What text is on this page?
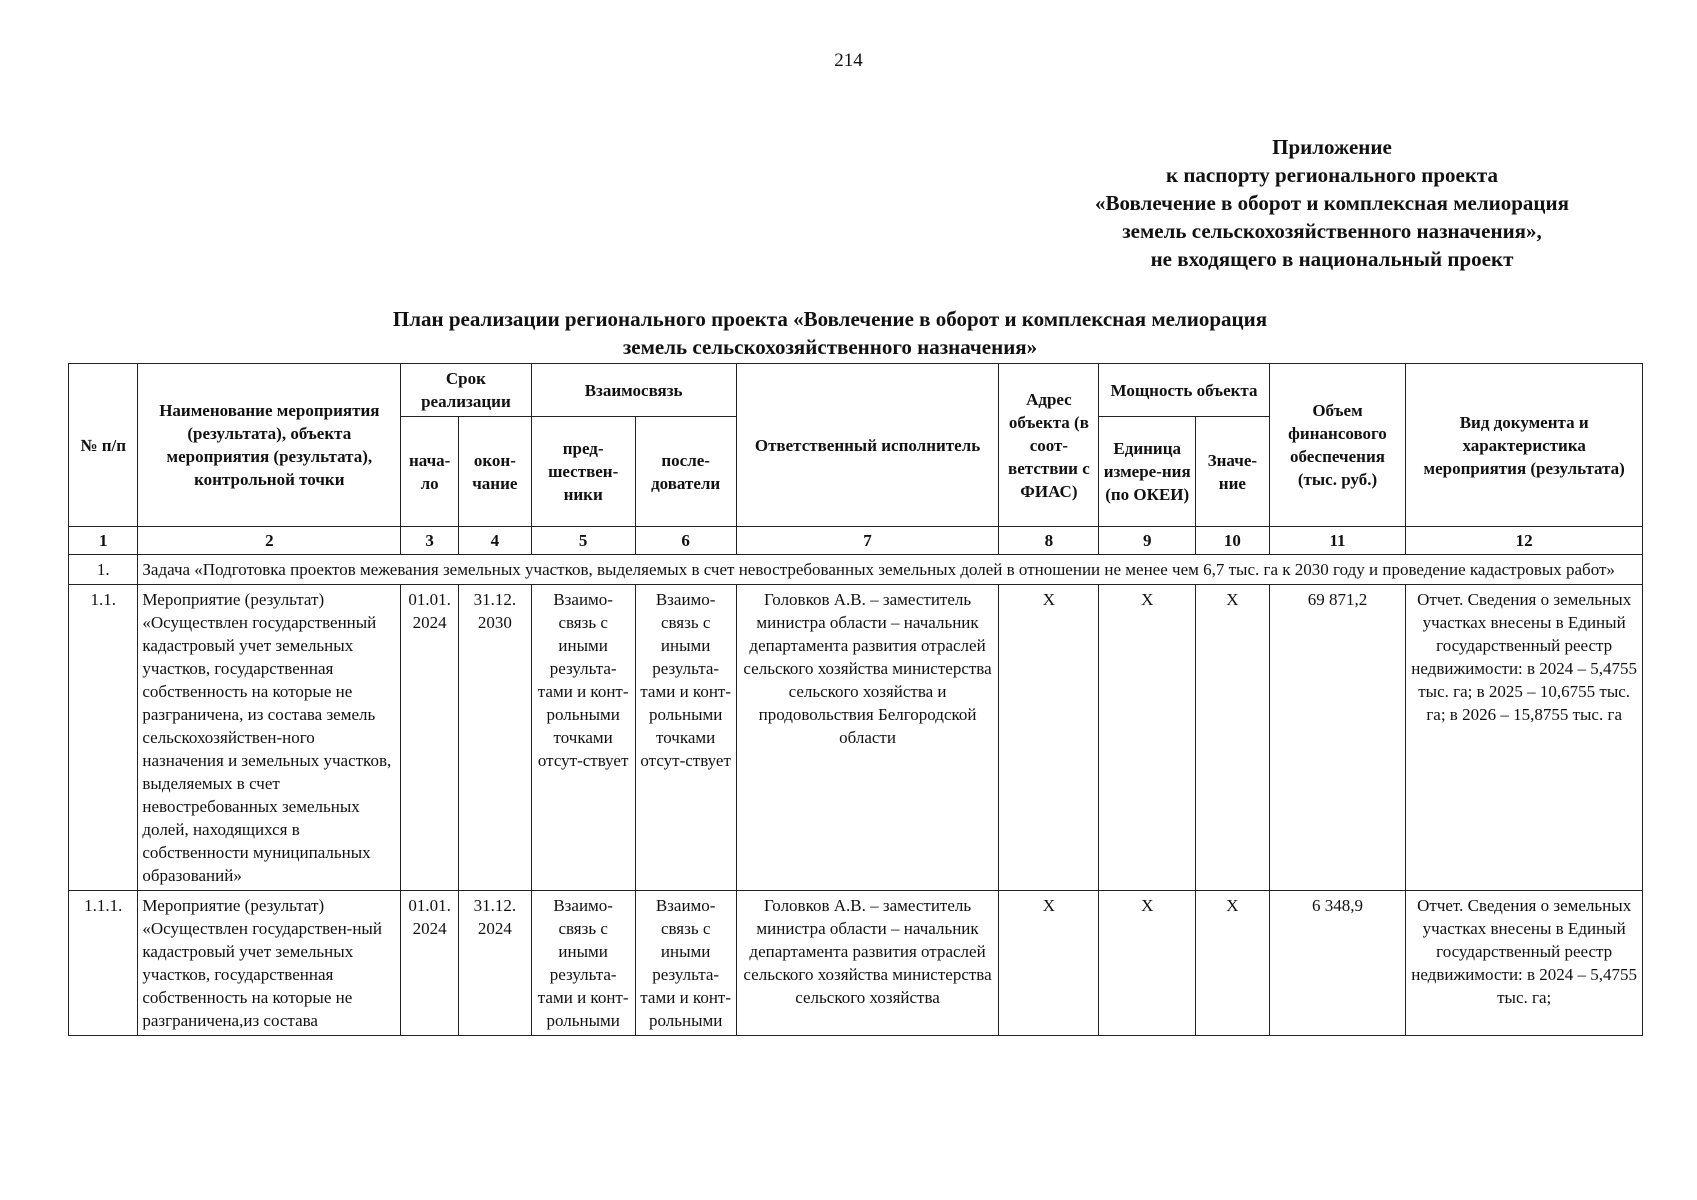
214
Приложение
к паспорту регионального проекта
«Вовлечение в оборот и комплексная мелиорация
земель сельскохозяйственного назначения»,
не входящего в национальный проект
План реализации регионального проекта «Вовлечение в оборот и комплексная мелиорация
земель сельскохозяйственного назначения»
№ п/п	Наименование мероприятия (результата), объекта мероприятия (результата), контрольной точки	Срок реализации		Взаимосвязь		Ответственный исполнитель	Адрес объекта (в соот-ветствии с ФИАС)	Мощность объекта		Объем финансового обеспечения (тыс. руб.)	Вид документа и характеристика мероприятия (результата)
		нача-ло	окон-чание	пред-шествен-ники	после-дователи			Единица измере-ния (по ОКЕИ)	Значе-ние		

1	2	3	4	5	6	7	8	9	10	11	12
1.	Задача «Подготовка проектов межевания земельных участков, выделяемых в счет невостребованных земельных долей в отношении не менее чем 6,7 тыс. га к 2030 году и проведение кадастровых работ»										
1.1.	Мероприятие (результат) «Осуществлен государственный кадастровый учет земельных участков, государственная собственность на которые не разграничена, из состава земель сельскохозяйствен-ного назначения и земельных участков, выделяемых в счет невостребованных земельных долей, находящихся в собственности муниципальных образований»	01.01. 2024	31.12. 2030	Взаимо-связь с иными результа-тами и конт-рольными точками отсут-ствует	Взаимо-связь с иными результа-тами и конт-рольными точками отсут-ствует	Головков А.В. – заместитель министра области – начальник департамента развития отраслей сельского хозяйства министерства сельского хозяйства и продовольствия Белгородской области	Х	Х	Х	69 871,2	Отчет. Сведения о земельных участках внесены в Единый государственный реестр недвижимости: в 2024 – 5,4755 тыс. га; в 2025 – 10,6755 тыс. га; в 2026 – 15,8755 тыс. га
1.1.1.	Мероприятие (результат) «Осуществлен государствен-ный кадастровый учет земельных участков, государственная собственность на которые не разграничена,из состава	01.01. 2024	31.12. 2024	Взаимо-связь с иными результа-тами и конт-рольными	Взаимо-связь с иными результа-тами и конт-рольными	Головков А.В. – заместитель министра области – начальник департамента развития отраслей сельского хозяйства министерства сельского хозяйства	Х	Х	Х	6 348,9	Отчет. Сведения о земельных участках внесены в Единый государственный реестр недвижимости: в 2024 – 5,4755 тыс. га;
